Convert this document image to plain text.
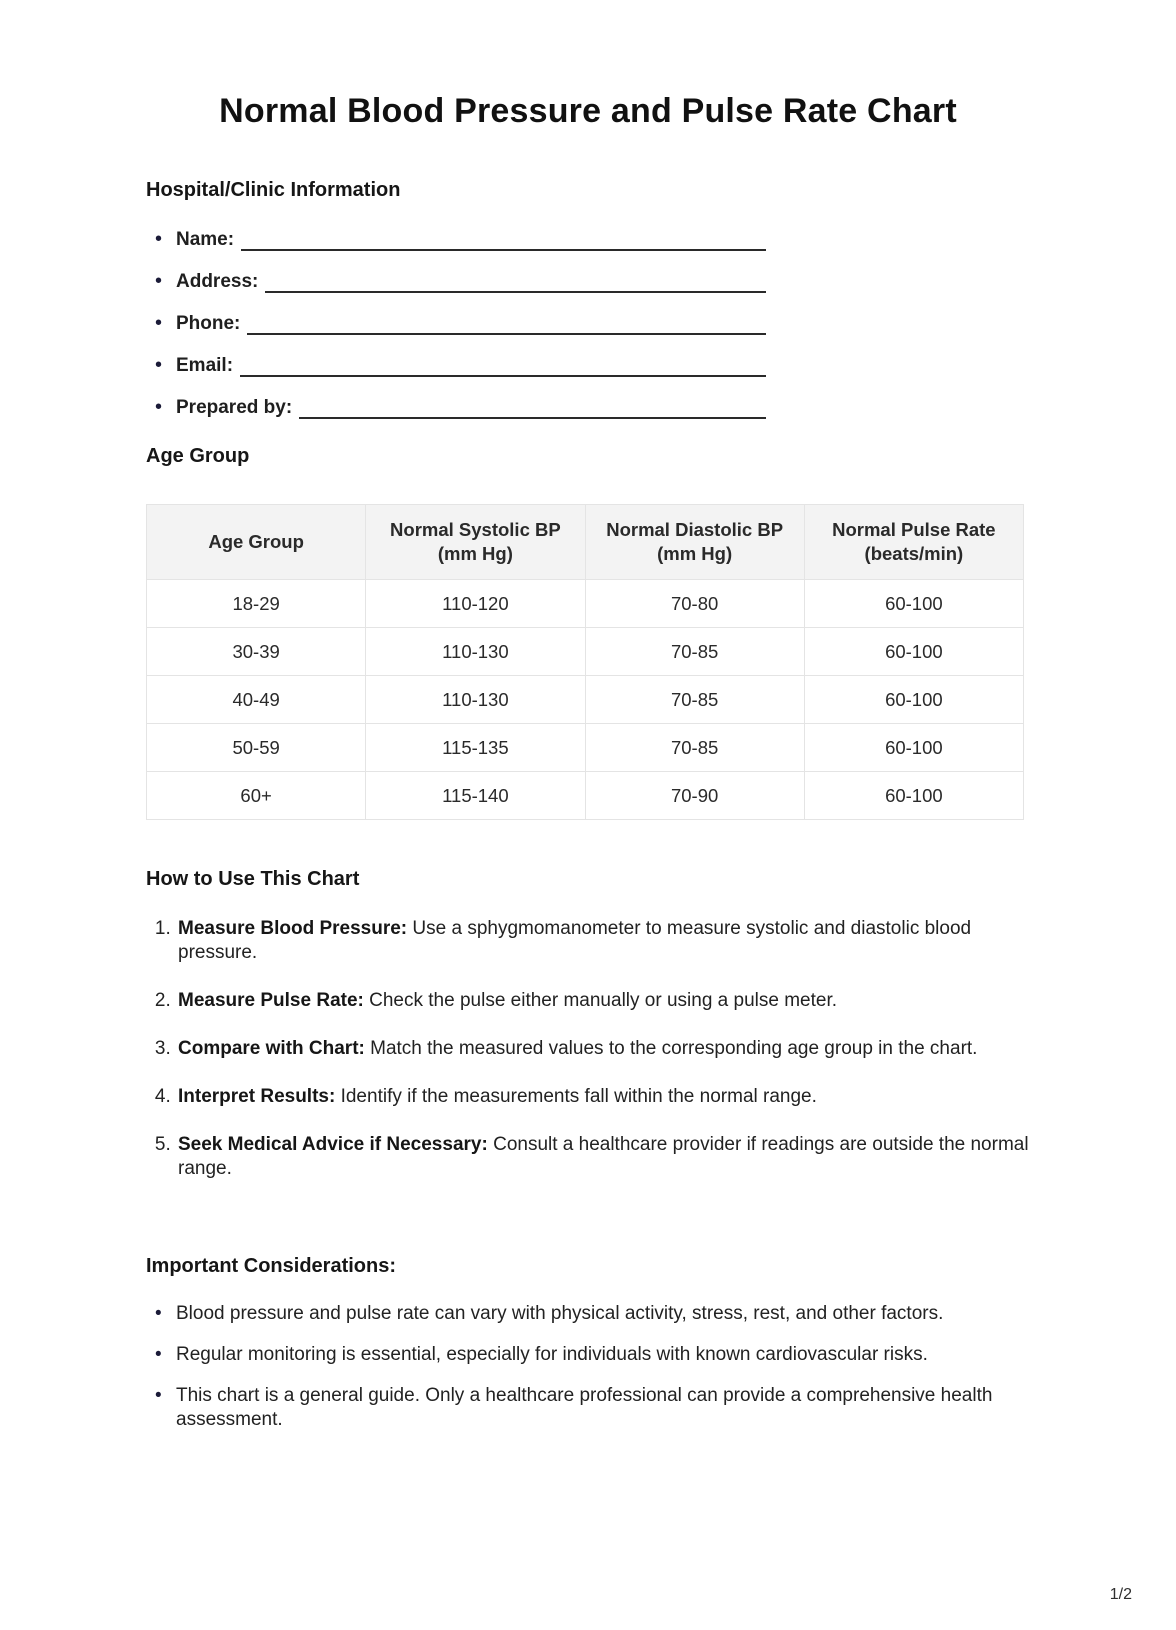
Normal Blood Pressure and Pulse Rate Chart
Hospital/Clinic Information
• Name:
• Address:
• Phone:
• Email:
• Prepared by:
Age Group
Age Group	Normal Systolic BP (mm Hg)	Normal Diastolic BP (mm Hg)	Normal Pulse Rate (beats/min)
18-29	110-120	70-80	60-100
30-39	110-130	70-85	60-100
40-49	110-130	70-85	60-100
50-59	115-135	70-85	60-100
60+	115-140	70-90	60-100
How to Use This Chart
1. Measure Blood Pressure: Use a sphygmomanometer to measure systolic and diastolic blood pressure.
2. Measure Pulse Rate: Check the pulse either manually or using a pulse meter.
3. Compare with Chart: Match the measured values to the corresponding age group in the chart.
4. Interpret Results: Identify if the measurements fall within the normal range.
5. Seek Medical Advice if Necessary: Consult a healthcare provider if readings are outside the normal range.
Important Considerations:
• Blood pressure and pulse rate can vary with physical activity, stress, rest, and other factors.
• Regular monitoring is essential, especially for individuals with known cardiovascular risks.
• This chart is a general guide. Only a healthcare professional can provide a comprehensive health assessment.
1/2
